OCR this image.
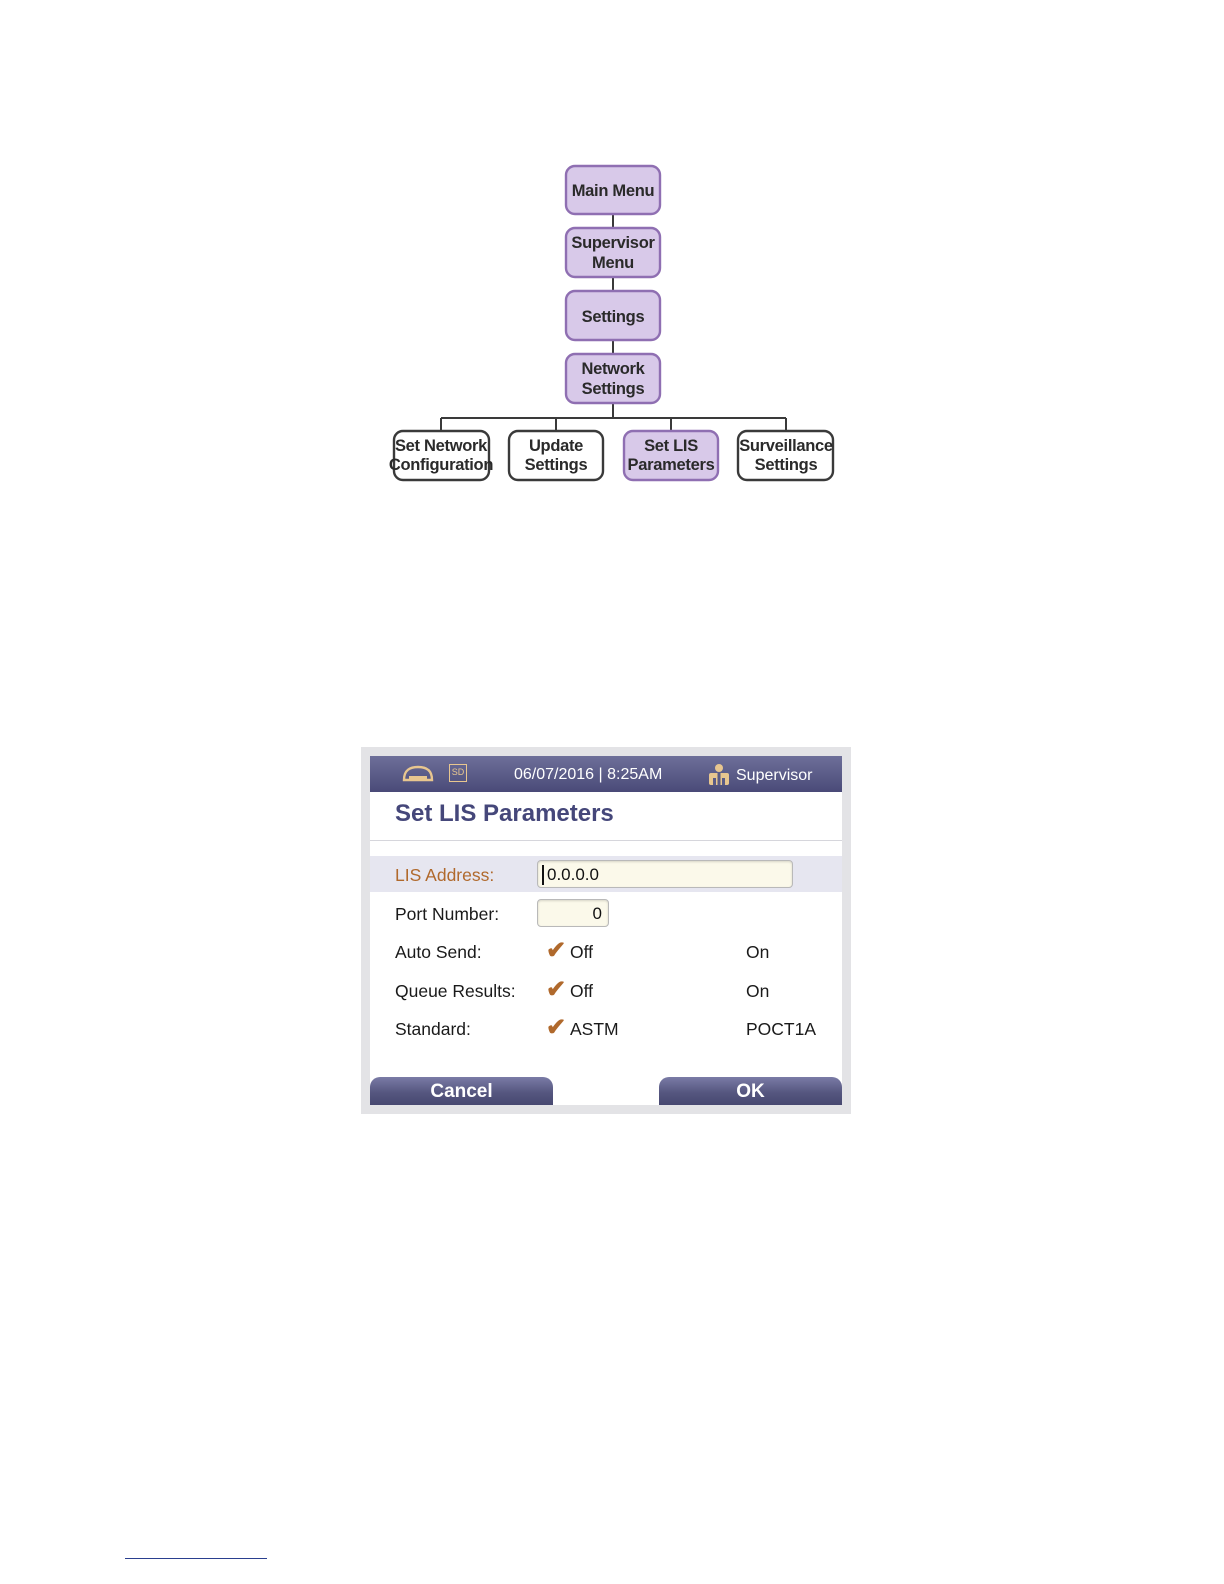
Main Menu
Supervisor
Menu
Settings
Network
Settings
Set Network
Configuration
Update
Settings
Set LIS
Parameters
Surveillance
Settings
SD	06/07/2016 | 8:25AM	Supervisor
Set LIS Parameters
LIS Address:	0.0.0.0
Port Number:	0
Auto Send:	✔ Off	On
Queue Results: ✔ Off	On
Standard:	✔ ASTM	POCT1A
Cancel	OK
